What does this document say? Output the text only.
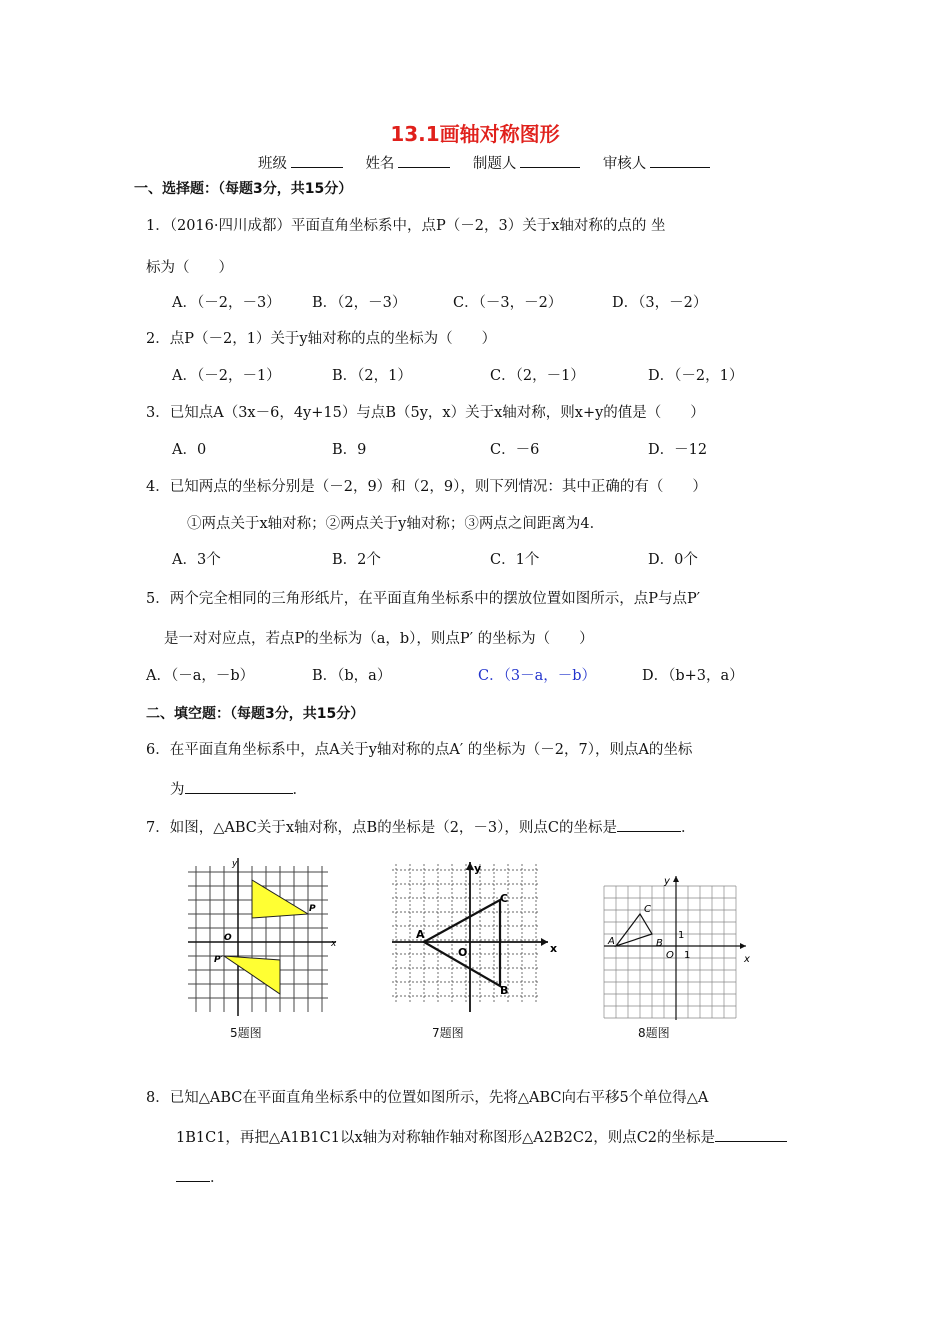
13.1画轴对称图形
班级	姓名	制题人	审核人
一、选择题：（每题3分，共15分）
1．（2016·四川成都）平面直角坐标系中，点P（－2，3）关于x轴对称的点的 坐
标为（　　）
A．（－2，－3） B．（2，－3）	C．（－3，－2）	D．（3，－2）
2．点P（－2，1）关于y轴对称的点的坐标为（　　）
A．（－2，－1）	B．（2，1）	C．（2，－1）	D．（－2，1）
3．已知点A（3x－6，4y+15）与点B（5y，x）关于x轴对称，则x+y的值是（　　）
A．0	B．9	C．－6	D．－12
4．已知两点的坐标分别是（－2，9）和（2，9），则下列情况：其中正确的有（　　）
①两点关于x轴对称；②两点关于y轴对称；③两点之间距离为4．
A．3个	B．2个	C．1个	D．0个
5．两个完全相同的三角形纸片，在平面直角坐标系中的摆放位置如图所示，点P与点P′
是一对对应点，若点P的坐标为（a，b），则点P′ 的坐标为（　　）
A．（－a，－b）	B．（b，a）	C．（3－a，－b）	D．（b+3，a）
二、填空题：（每题3分，共15分）
6．在平面直角坐标系中，点A关于y轴对称的点A′ 的坐标为（－2，7），则点A的坐标
为	．
7．如图，△ABC关于x轴对称，点B的坐标是（2，－3），则点C的坐标是	．
y
x
O
P
P′
5题图
y
x
O
A
B
C
7题图
y
x
O
A	B
C
1
1
8题图
8．已知△ABC在平面直角坐标系中的位置如图所示，先将△ABC向右平移5个单位得△A
1B1C1，再把△A1B1C1以x轴为对称轴作轴对称图形△A2B2C2，则点C2的坐标是
．
